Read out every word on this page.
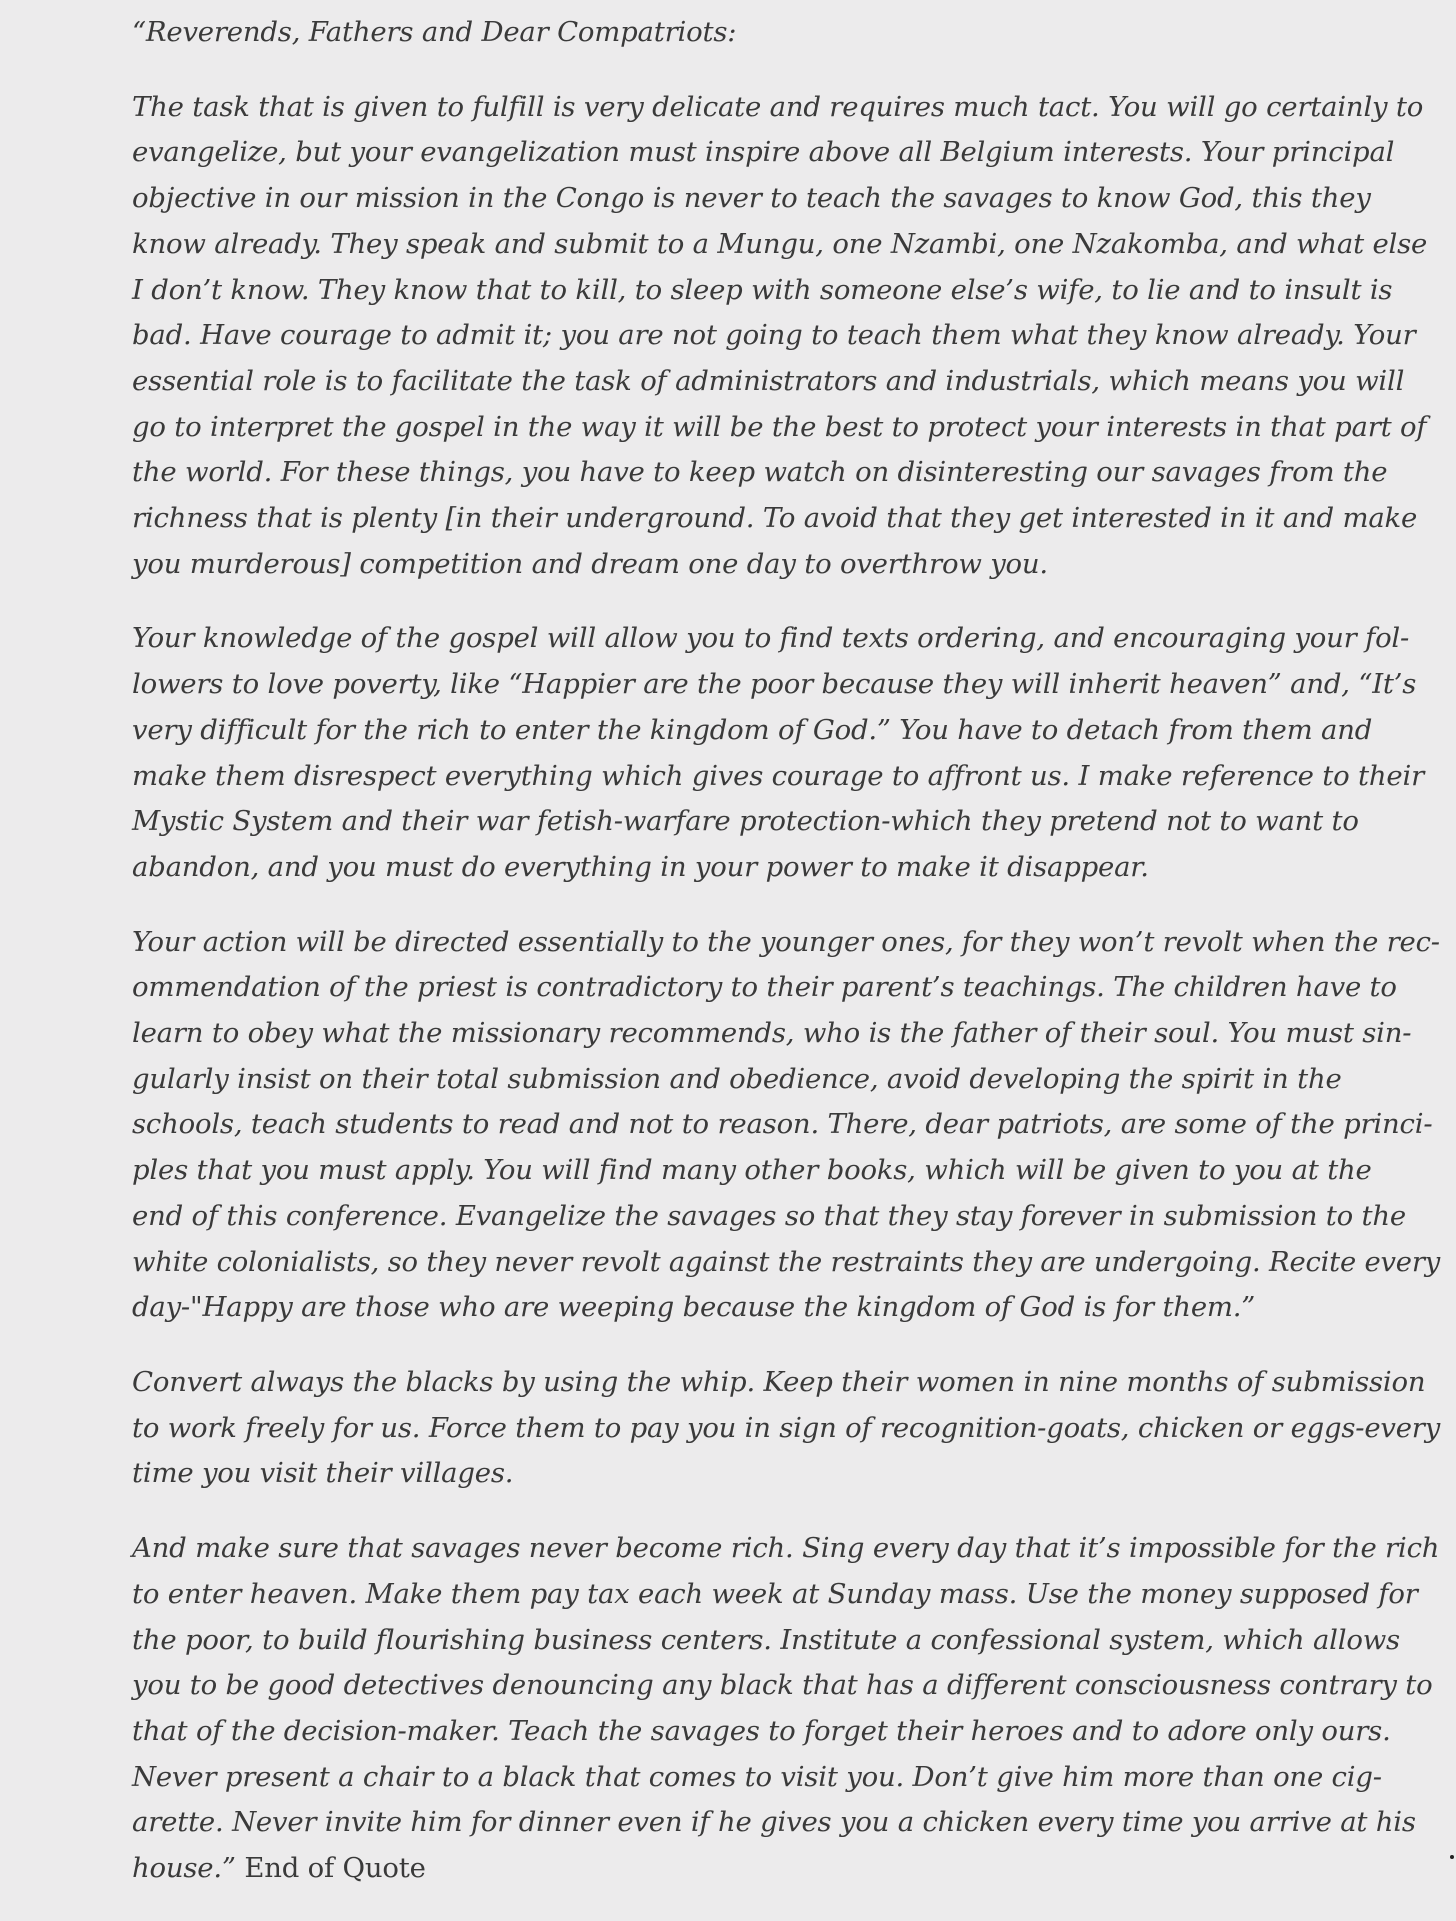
“Reverends, Fathers and Dear Compatriots:
The task that is given to fulfill is very delicate and requires much tact. You will go certainly to
evangelize, but your evangelization must inspire above all Belgium interests. Your principal
objective in our mission in the Congo is never to teach the savages to know God, this they
know already. They speak and submit to a Mungu, one Nzambi, one Nzakomba, and what else
I don’t know. They know that to kill, to sleep with someone else’s wife, to lie and to insult is
bad. Have courage to admit it; you are not going to teach them what they know already. Your
essential role is to facilitate the task of administrators and industrials, which means you will
go to interpret the gospel in the way it will be the best to protect your interests in that part of
the world. For these things, you have to keep watch on disinteresting our savages from the
richness that is plenty [in their underground. To avoid that they get interested in it and make
you murderous] competition and dream one day to overthrow you.
Your knowledge of the gospel will allow you to find texts ordering, and encouraging your fol-
lowers to love poverty, like “Happier are the poor because they will inherit heaven” and, “It’s
very difficult for the rich to enter the kingdom of God.” You have to detach from them and
make them disrespect everything which gives courage to affront us. I make reference to their
Mystic System and their war fetish-warfare protection-which they pretend not to want to
abandon, and you must do everything in your power to make it disappear.
Your action will be directed essentially to the younger ones, for they won’t revolt when the rec-
ommendation of the priest is contradictory to their parent’s teachings. The children have to
learn to obey what the missionary recommends, who is the father of their soul. You must sin-
gularly insist on their total submission and obedience, avoid developing the spirit in the
schools, teach students to read and not to reason. There, dear patriots, are some of the princi-
ples that you must apply. You will find many other books, which will be given to you at the
end of this conference. Evangelize the savages so that they stay forever in submission to the
white colonialists, so they never revolt against the restraints they are undergoing. Recite every
day-"Happy are those who are weeping because the kingdom of God is for them.”
Convert always the blacks by using the whip. Keep their women in nine months of submission
to work freely for us. Force them to pay you in sign of recognition-goats, chicken or eggs-every
time you visit their villages.
And make sure that savages never become rich. Sing every day that it’s impossible for the rich
to enter heaven. Make them pay tax each week at Sunday mass. Use the money supposed for
the poor, to build flourishing business centers. Institute a confessional system, which allows
you to be good detectives denouncing any black that has a different consciousness contrary to
that of the decision-maker. Teach the savages to forget their heroes and to adore only ours.
Never present a chair to a black that comes to visit you. Don’t give him more than one cig-
arette. Never invite him for dinner even if he gives you a chicken every time you arrive at his
house.” End of Quote
